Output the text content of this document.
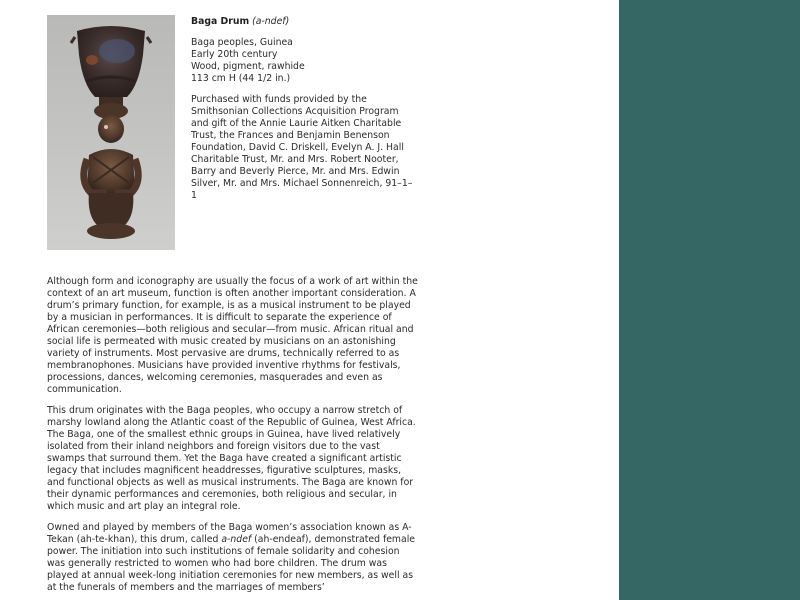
Baga Drum (a-ndef)

Baga peoples, Guinea
Early 20th century
Wood, pigment, rawhide
113 cm H (44 1/2 in.)

Purchased with funds provided by the Smithsonian Collections Acquisition Program and gift of the Annie Laurie Aitken Charitable Trust, the Frances and Benjamin Benenson Foundation, David C. Driskell, Evelyn A. J. Hall Charitable Trust, Mr. and Mrs. Robert Nooter, Barry and Beverly Pierce, Mr. and Mrs. Edwin Silver, Mr. and Mrs. Michael Sonnenreich, 91–1–1

Although form and iconography are usually the focus of a work of art within the context of an art museum, function is often another important consideration. A drum’s primary function, for example, is as a musical instrument to be played by a musician in performances. It is difficult to separate the experience of African ceremonies—both religious and secular—from music. African ritual and social life is permeated with music created by musicians on an astonishing variety of instruments. Most pervasive are drums, technically referred to as membranophones. Musicians have provided inventive rhythms for festivals, processions, dances, welcoming ceremonies, masquerades and even as communication.

This drum originates with the Baga peoples, who occupy a narrow stretch of marshy lowland along the Atlantic coast of the Republic of Guinea, West Africa. The Baga, one of the smallest ethnic groups in Guinea, have lived relatively isolated from their inland neighbors and foreign visitors due to the vast swamps that surround them. Yet the Baga have created a significant artistic legacy that includes magnificent headdresses, figurative sculptures, masks, and functional objects as well as musical instruments. The Baga are known for their dynamic performances and ceremonies, both religious and secular, in which music and art play an integral role.

Owned and played by members of the Baga women’s association known as A-Tekan (ah-te-khan), this drum, called a-ndef (ah-endeaf), demonstrated female power. The initiation into such institutions of female solidarity and cohesion was generally restricted to women who had bore children. The drum was played at annual week-long initiation ceremonies for new members, as well as at the funerals of members and the marriages of members’
